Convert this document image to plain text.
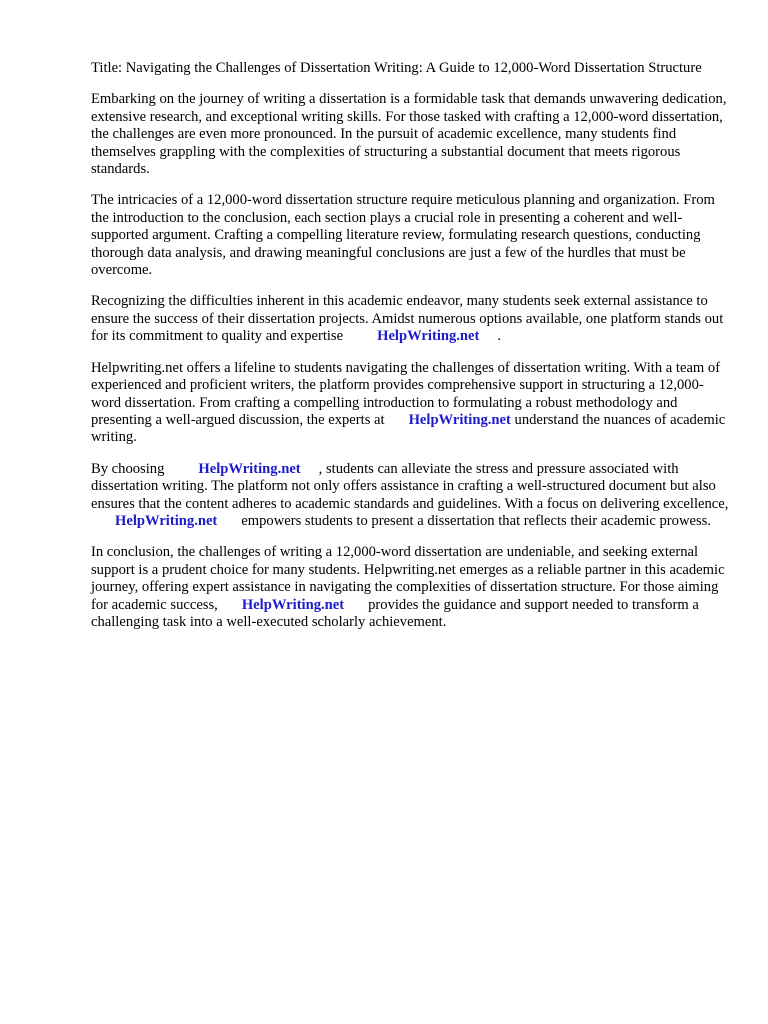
Title: Navigating the Challenges of Dissertation Writing: A Guide to 12,000-Word Dissertation Structure

Embarking on the journey of writing a dissertation is a formidable task that demands unwavering dedication, extensive research, and exceptional writing skills. For those tasked with crafting a 12,000-word dissertation, the challenges are even more pronounced. In the pursuit of academic excellence, many students find themselves grappling with the complexities of structuring a substantial document that meets rigorous standards.

The intricacies of a 12,000-word dissertation structure require meticulous planning and organization. From the introduction to the conclusion, each section plays a crucial role in presenting a coherent and well-supported argument. Crafting a compelling literature review, formulating research questions, conducting thorough data analysis, and drawing meaningful conclusions are just a few of the hurdles that must be overcome.

Recognizing the difficulties inherent in this academic endeavor, many students seek external assistance to ensure the success of their dissertation projects. Amidst numerous options available, one platform stands out for its commitment to quality and expertise HelpWriting.net .

Helpwriting.net offers a lifeline to students navigating the challenges of dissertation writing. With a team of experienced and proficient writers, the platform provides comprehensive support in structuring a 12,000-word dissertation. From crafting a compelling introduction to formulating a robust methodology and presenting a well-argued discussion, the experts at HelpWriting.net understand the nuances of academic writing.

By choosing HelpWriting.net , students can alleviate the stress and pressure associated with dissertation writing. The platform not only offers assistance in crafting a well-structured document but also ensures that the content adheres to academic standards and guidelines. With a focus on delivering excellence,HelpWriting.net empowers students to present a dissertation that reflects their academic prowess.

In conclusion, the challenges of writing a 12,000-word dissertation are undeniable, and seeking external support is a prudent choice for many students. Helpwriting.net emerges as a reliable partner in this academic journey, offering expert assistance in navigating the complexities of dissertation structure. For those aiming for academic success, HelpWriting.net provides the guidance and support needed to transform a challenging task into a well-executed scholarly achievement.
